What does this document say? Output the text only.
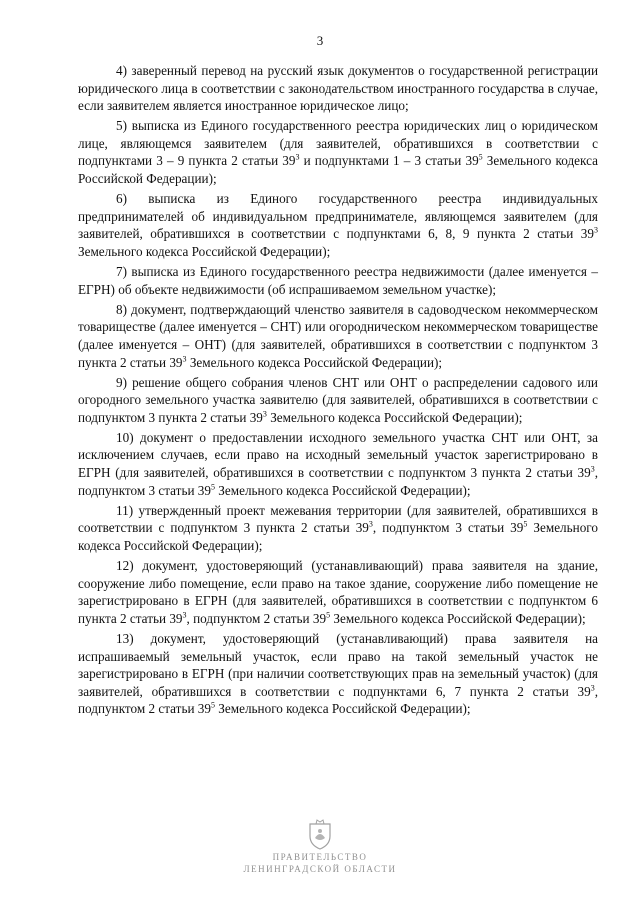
3

4) заверенный перевод на русский язык документов о государственной регистрации юридического лица в соответствии с законодательством иностранного государства в случае, если заявителем является иностранное юридическое лицо;

5) выписка из Единого государственного реестра юридических лиц о юридическом лице, являющемся заявителем (для заявителей, обратившихся в соответствии с подпунктами 3 – 9 пункта 2 статьи $39^3$ и подпунктами 1 – 3 статьи $39^5$ Земельного кодекса Российской Федерации);

6) выписка из Единого государственного реестра индивидуальных предпринимателей об индивидуальном предпринимателе, являющемся заявителем (для заявителей, обратившихся в соответствии с подпунктами 6, 8, 9 пункта 2 статьи $39^3$ Земельного кодекса Российской Федерации);

7) выписка из Единого государственного реестра недвижимости (далее именуется – ЕГРН) об объекте недвижимости (об испрашиваемом земельном участке);

8) документ, подтверждающий членство заявителя в садоводческом некоммерческом товариществе (далее именуется – СНТ) или огородническом некоммерческом товариществе (далее именуется – ОНТ) (для заявителей, обратившихся в соответствии с подпунктом 3 пункта 2 статьи $39^3$ Земельного кодекса Российской Федерации);

9) решение общего собрания членов СНТ или ОНТ о распределении садового или огородного земельного участка заявителю (для заявителей, обратившихся в соответствии с подпунктом 3 пункта 2 статьи $39^3$ Земельного кодекса Российской Федерации);

10) документ о предоставлении исходного земельного участка СНТ или ОНТ, за исключением случаев, если право на исходный земельный участок зарегистрировано в ЕГРН (для заявителей, обратившихся в соответствии с подпунктом 3 пункта 2 статьи $39^3$, подпунктом 3 статьи $39^5$ Земельного кодекса Российской Федерации);

11) утвержденный проект межевания территории (для заявителей, обратившихся в соответствии с подпунктом 3 пункта 2 статьи $39^3$, подпунктом 3 статьи $39^5$ Земельного кодекса Российской Федерации);

12) документ, удостоверяющий (устанавливающий) права заявителя на здание, сооружение либо помещение, если право на такое здание, сооружение либо помещение не зарегистрировано в ЕГРН (для заявителей, обратившихся в соответствии с подпунктом 6 пункта 2 статьи $39^3$, подпунктом 2 статьи $39^5$ Земельного кодекса Российской Федерации);

13) документ, удостоверяющий (устанавливающий) права заявителя на испрашиваемый земельный участок, если право на такой земельный участок не зарегистрировано в ЕГРН (при наличии соответствующих прав на земельный участок) (для заявителей, обратившихся в соответствии с подпунктами 6, 7 пункта 2 статьи $39^3$, подпунктом 2 статьи $39^5$ Земельного кодекса Российской Федерации);

ПРАВИТЕЛЬСТВО
ЛЕНИНГРАДСКОЙ ОБЛАСТИ
